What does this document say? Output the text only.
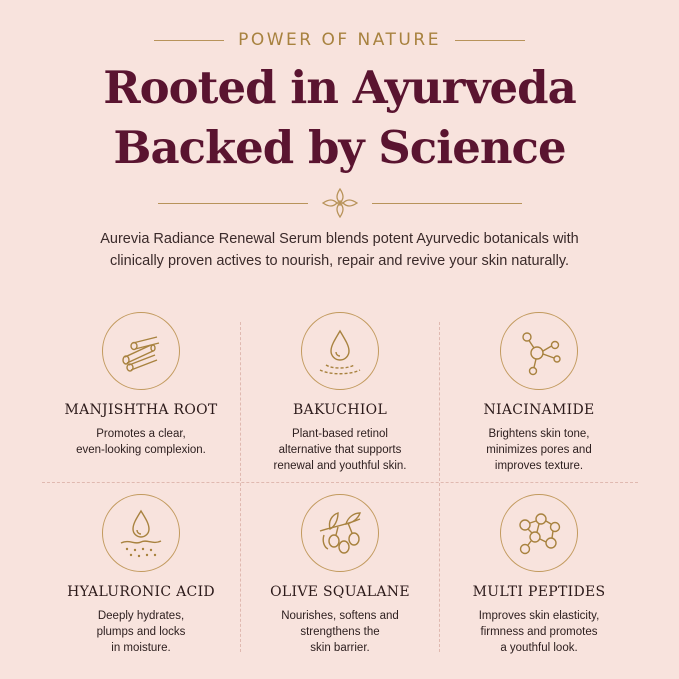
POWER OF NATURE
Rooted in Ayurveda
Backed by Science
Aurevia Radiance Renewal Serum blends potent Ayurvedic botanicals with clinically proven actives to nourish, repair and revive your skin naturally.
MANJISHTHA ROOT
Promotes a clear,
even-looking complexion.
BAKUCHIOL
Plant-based retinol
alternative that supports
renewal and youthful skin.
NIACINAMIDE
Brightens skin tone,
minimizes pores and
improves texture.
HYALURONIC ACID
Deeply hydrates,
plumps and locks
in moisture.
OLIVE SQUALANE
Nourishes, softens and
strengthens the
skin barrier.
MULTI PEPTIDES
Improves skin elasticity,
firmness and promotes
a youthful look.
